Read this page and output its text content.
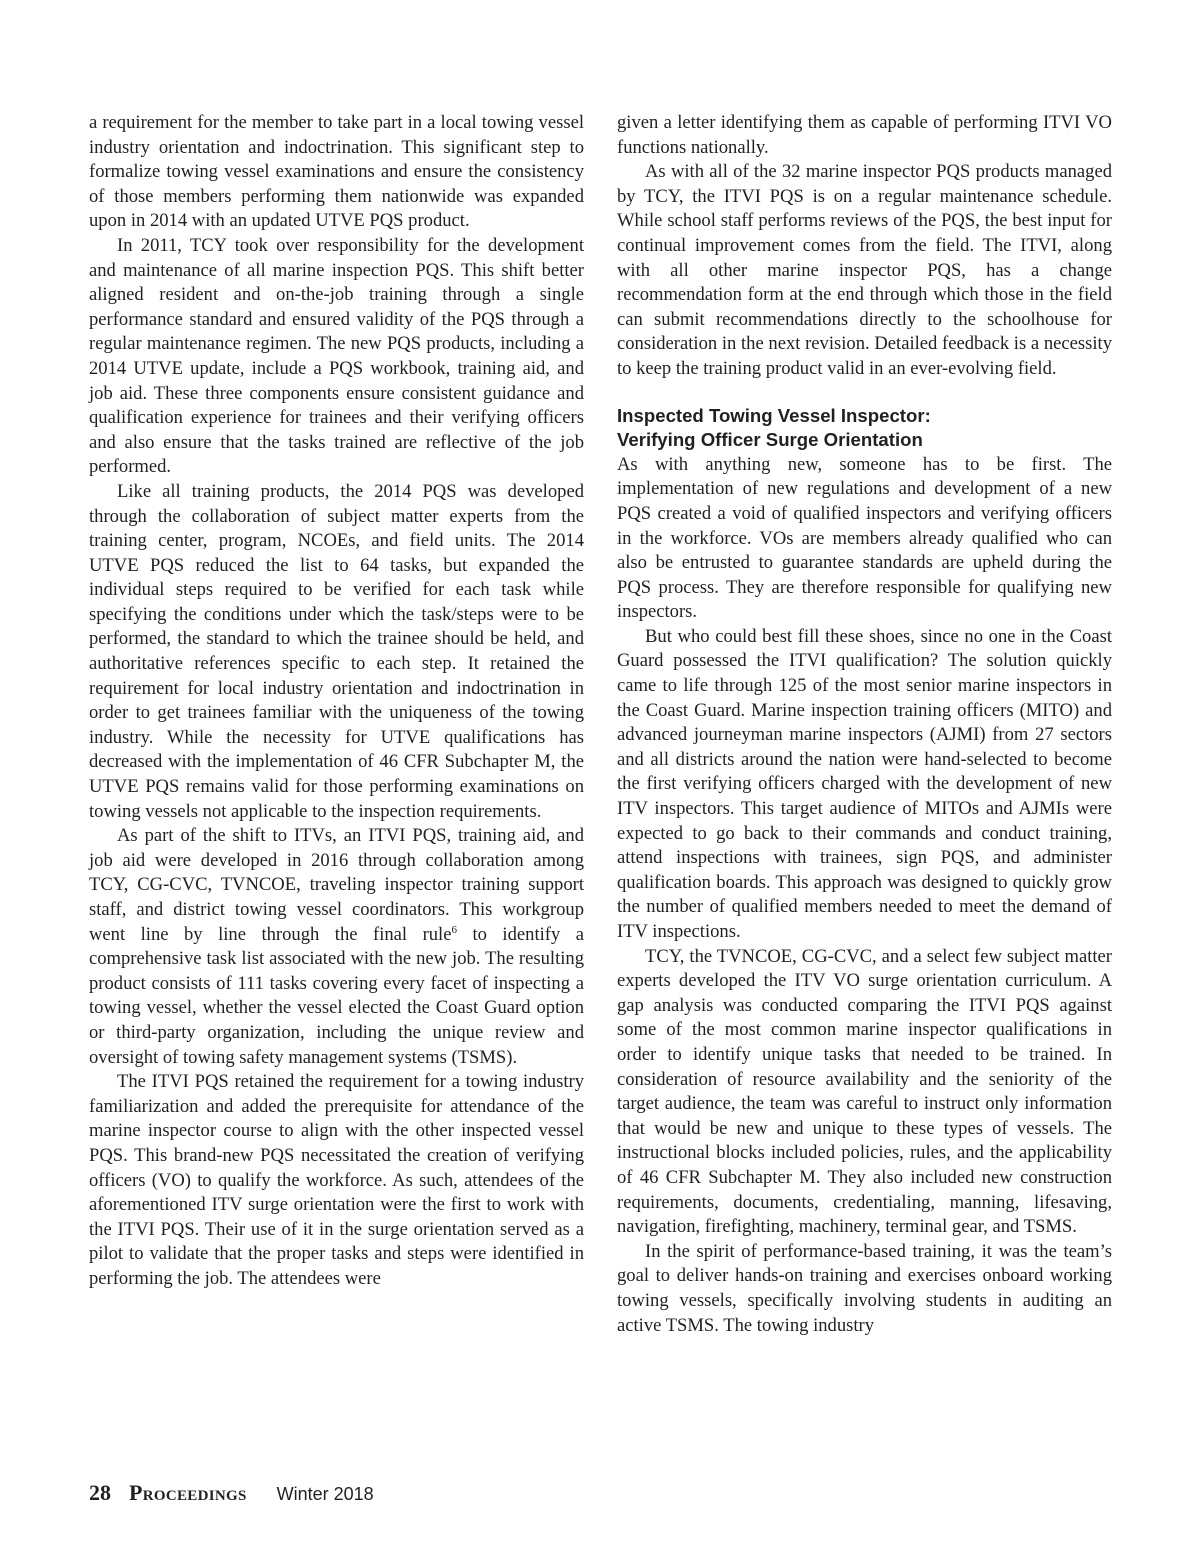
a requirement for the member to take part in a local towing vessel industry orientation and indoctrination. This significant step to formalize towing vessel examinations and ensure the consistency of those members performing them nationwide was expanded upon in 2014 with an updated UTVE PQS product.

In 2011, TCY took over responsibility for the development and maintenance of all marine inspection PQS. This shift better aligned resident and on-the-job training through a single performance standard and ensured validity of the PQS through a regular maintenance regimen. The new PQS products, including a 2014 UTVE update, include a PQS workbook, training aid, and job aid. These three components ensure consistent guidance and qualification experience for trainees and their verifying officers and also ensure that the tasks trained are reflective of the job performed.

Like all training products, the 2014 PQS was developed through the collaboration of subject matter experts from the training center, program, NCOEs, and field units. The 2014 UTVE PQS reduced the list to 64 tasks, but expanded the individual steps required to be verified for each task while specifying the conditions under which the task/steps were to be performed, the standard to which the trainee should be held, and authoritative references specific to each step. It retained the requirement for local industry orientation and indoctrination in order to get trainees familiar with the uniqueness of the towing industry. While the necessity for UTVE qualifications has decreased with the implementation of 46 CFR Subchapter M, the UTVE PQS remains valid for those performing examinations on towing vessels not applicable to the inspection requirements.

As part of the shift to ITVs, an ITVI PQS, training aid, and job aid were developed in 2016 through collaboration among TCY, CG-CVC, TVNCOE, traveling inspector training support staff, and district towing vessel coordinators. This workgroup went line by line through the final rule$^6$ to identify a comprehensive task list associated with the new job. The resulting product consists of 111 tasks covering every facet of inspecting a towing vessel, whether the vessel elected the Coast Guard option or third-party organization, including the unique review and oversight of towing safety management systems (TSMS).

The ITVI PQS retained the requirement for a towing industry familiarization and added the prerequisite for attendance of the marine inspector course to align with the other inspected vessel PQS. This brand-new PQS necessitated the creation of verifying officers (VO) to qualify the workforce. As such, attendees of the aforementioned ITV surge orientation were the first to work with the ITVI PQS. Their use of it in the surge orientation served as a pilot to validate that the proper tasks and steps were identified in performing the job. The attendees were

given a letter identifying them as capable of performing ITVI VO functions nationally.

As with all of the 32 marine inspector PQS products managed by TCY, the ITVI PQS is on a regular maintenance schedule. While school staff performs reviews of the PQS, the best input for continual improvement comes from the field. The ITVI, along with all other marine inspector PQS, has a change recommendation form at the end through which those in the field can submit recommendations directly to the schoolhouse for consideration in the next revision. Detailed feedback is a necessity to keep the training product valid in an ever-evolving field.

Inspected Towing Vessel Inspector:
Verifying Officer Surge Orientation

As with anything new, someone has to be first. The implementation of new regulations and development of a new PQS created a void of qualified inspectors and verifying officers in the workforce. VOs are members already qualified who can also be entrusted to guarantee standards are upheld during the PQS process. They are therefore responsible for qualifying new inspectors.

But who could best fill these shoes, since no one in the Coast Guard possessed the ITVI qualification? The solution quickly came to life through 125 of the most senior marine inspectors in the Coast Guard. Marine inspection training officers (MITO) and advanced journeyman marine inspectors (AJMI) from 27 sectors and all districts around the nation were hand-selected to become the first verifying officers charged with the development of new ITV inspectors. This target audience of MITOs and AJMIs were expected to go back to their commands and conduct training, attend inspections with trainees, sign PQS, and administer qualification boards. This approach was designed to quickly grow the number of qualified members needed to meet the demand of ITV inspections.

TCY, the TVNCOE, CG-CVC, and a select few subject matter experts developed the ITV VO surge orientation curriculum. A gap analysis was conducted comparing the ITVI PQS against some of the most common marine inspector qualifications in order to identify unique tasks that needed to be trained. In consideration of resource availability and the seniority of the target audience, the team was careful to instruct only information that would be new and unique to these types of vessels. The instructional blocks included policies, rules, and the applicability of 46 CFR Subchapter M. They also included new construction requirements, documents, credentialing, manning, lifesaving, navigation, firefighting, machinery, terminal gear, and TSMS.

In the spirit of performance-based training, it was the team’s goal to deliver hands-on training and exercises onboard working towing vessels, specifically involving students in auditing an active TSMS. The towing industry

28 Proceedings Winter 2018
